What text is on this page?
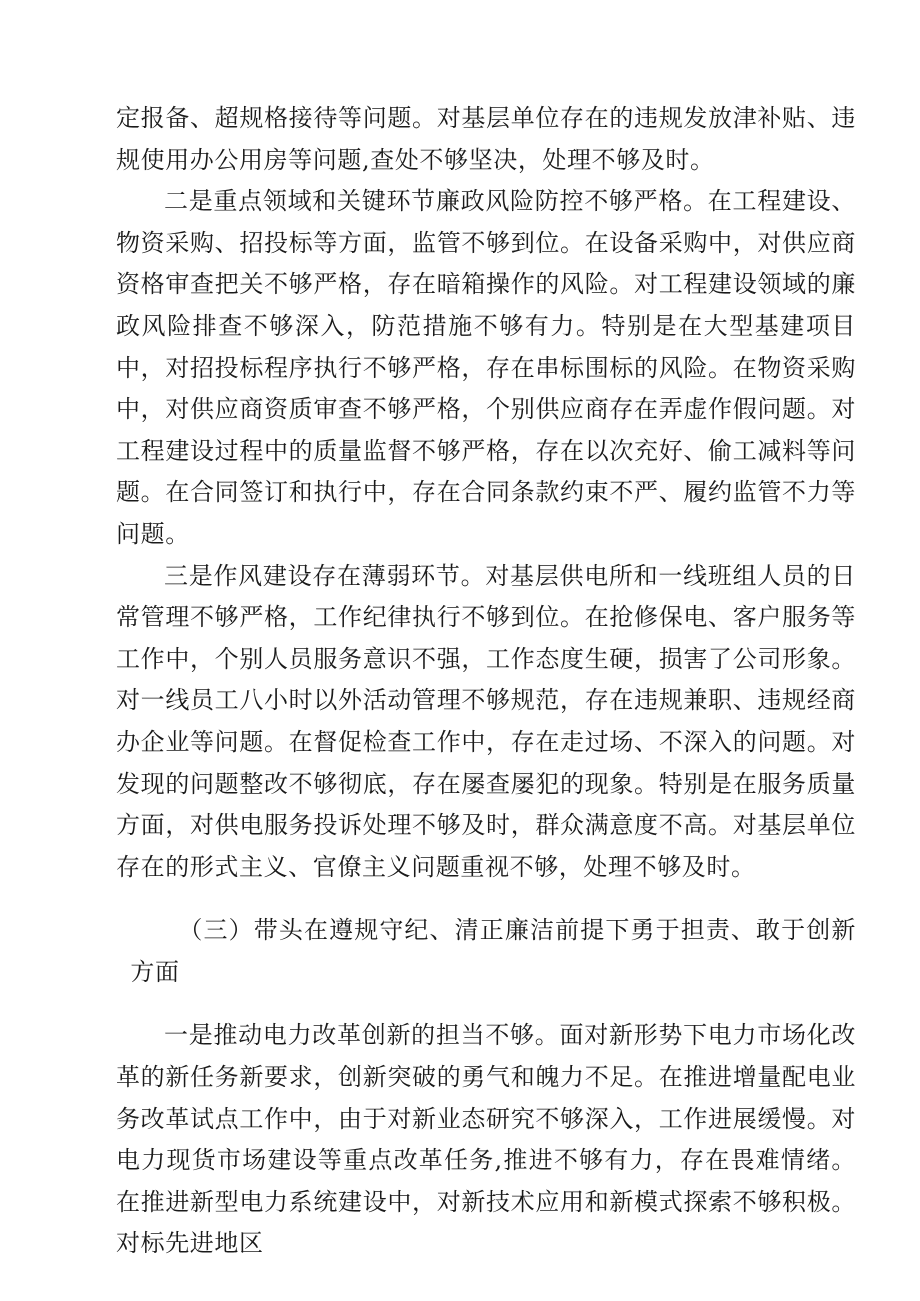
定报备、超规格接待等问题。对基层单位存在的违规发放津补贴、违规使用办公用房等问题,查处不够坚决，处理不够及时。

二是重点领域和关键环节廉政风险防控不够严格。在工程建设、物资采购、招投标等方面，监管不够到位。在设备采购中，对供应商资格审查把关不够严格，存在暗箱操作的风险。对工程建设领域的廉政风险排查不够深入，防范措施不够有力。特别是在大型基建项目中，对招投标程序执行不够严格，存在串标围标的风险。在物资采购中，对供应商资质审查不够严格，个别供应商存在弄虚作假问题。对工程建设过程中的质量监督不够严格，存在以次充好、偷工减料等问题。在合同签订和执行中，存在合同条款约束不严、履约监管不力等问题。

三是作风建设存在薄弱环节。对基层供电所和一线班组人员的日常管理不够严格，工作纪律执行不够到位。在抢修保电、客户服务等工作中，个别人员服务意识不强，工作态度生硬，损害了公司形象。对一线员工八小时以外活动管理不够规范，存在违规兼职、违规经商办企业等问题。在督促检查工作中，存在走过场、不深入的问题。对发现的问题整改不够彻底，存在屡查屡犯的现象。特别是在服务质量方面，对供电服务投诉处理不够及时，群众满意度不高。对基层单位存在的形式主义、官僚主义问题重视不够，处理不够及时。

（三）带头在遵规守纪、清正廉洁前提下勇于担责、敢于创新方面

一是推动电力改革创新的担当不够。面对新形势下电力市场化改革的新任务新要求，创新突破的勇气和魄力不足。在推进增量配电业务改革试点工作中，由于对新业态研究不够深入，工作进展缓慢。对电力现货市场建设等重点改革任务,推进不够有力，存在畏难情绪。在推进新型电力系统建设中，对新技术应用和新模式探索不够积极。对标先进地区
